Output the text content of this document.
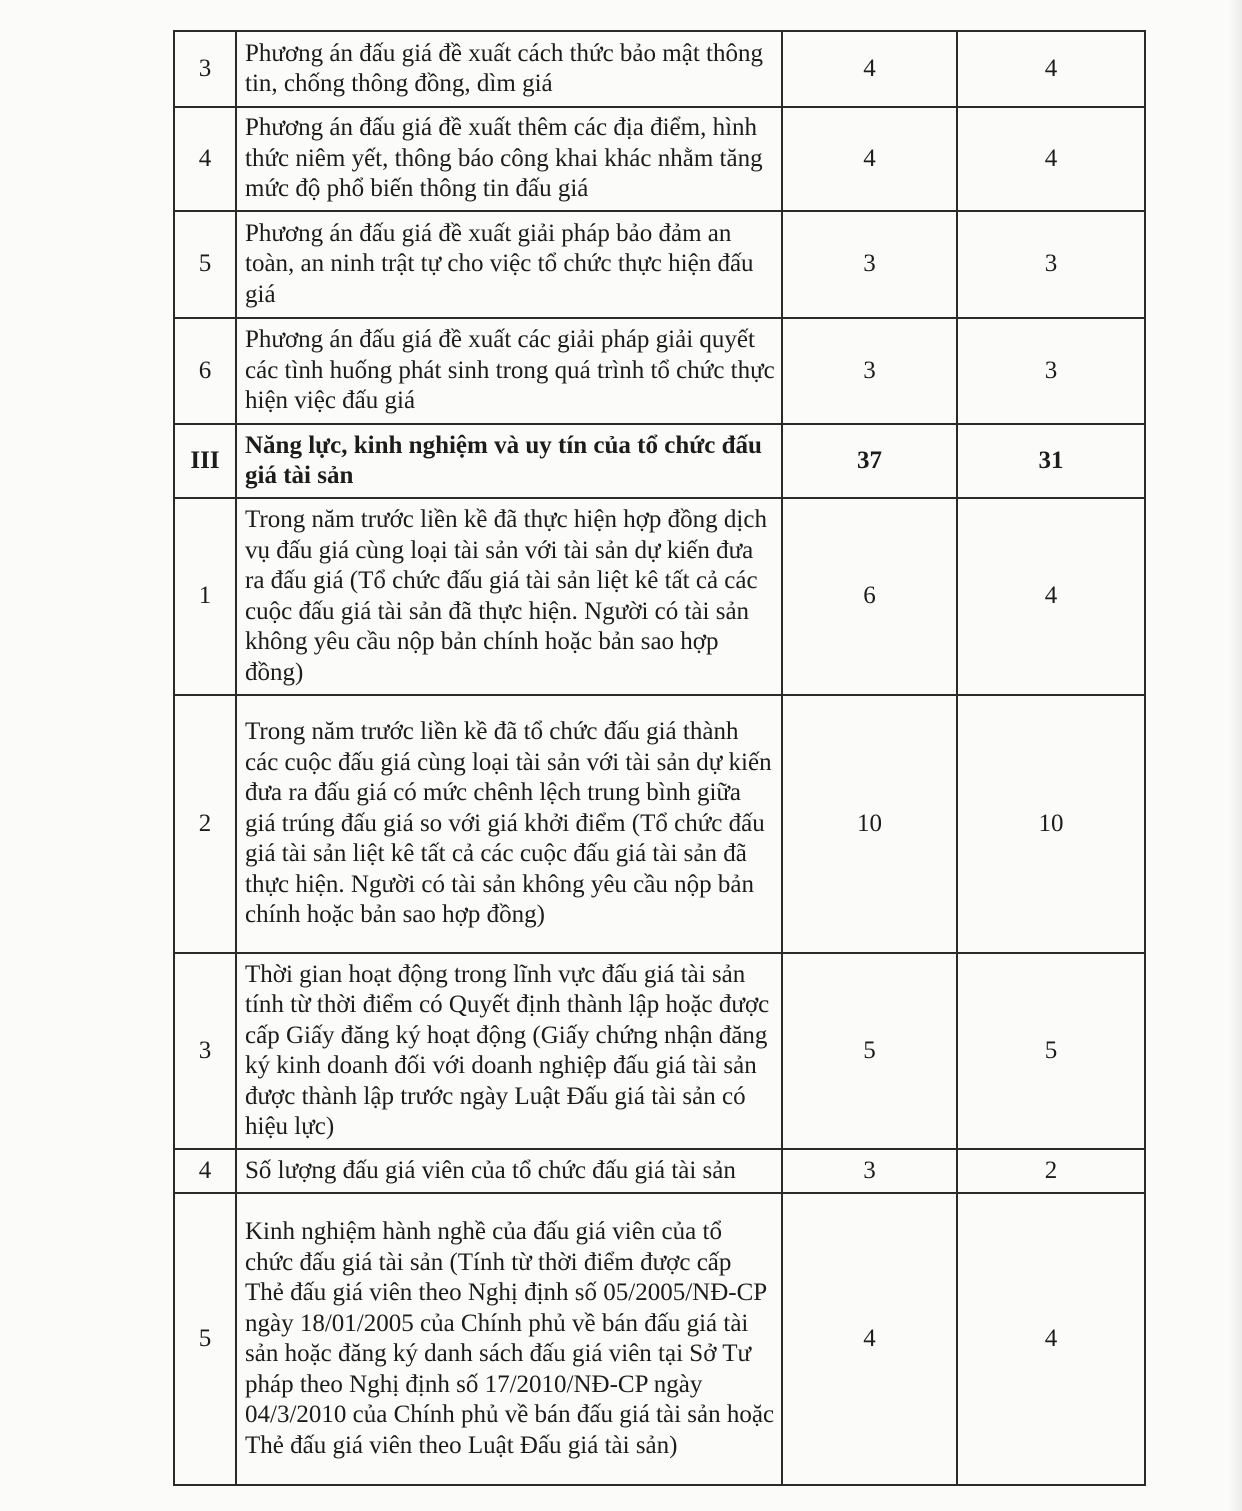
3	Phương án đấu giá đề xuất cách thức bảo mật thông tin, chống thông đồng, dìm giá	4	4
4	Phương án đấu giá đề xuất thêm các địa điểm, hình thức niêm yết, thông báo công khai khác nhằm tăng mức độ phổ biến thông tin đấu giá	4	4
5	Phương án đấu giá đề xuất giải pháp bảo đảm an toàn, an ninh trật tự cho việc tổ chức thực hiện đấu giá	3	3
6	Phương án đấu giá đề xuất các giải pháp giải quyết các tình huống phát sinh trong quá trình tổ chức thực hiện việc đấu giá	3	3
III	Năng lực, kinh nghiệm và uy tín của tổ chức đấu giá tài sản	37	31
1	Trong năm trước liền kề đã thực hiện hợp đồng dịch vụ đấu giá cùng loại tài sản với tài sản dự kiến đưa ra đấu giá (Tổ chức đấu giá tài sản liệt kê tất cả các cuộc đấu giá tài sản đã thực hiện. Người có tài sản không yêu cầu nộp bản chính hoặc bản sao hợp đồng)	6	4
2	Trong năm trước liền kề đã tổ chức đấu giá thành các cuộc đấu giá cùng loại tài sản với tài sản dự kiến đưa ra đấu giá có mức chênh lệch trung bình giữa giá trúng đấu giá so với giá khởi điểm (Tổ chức đấu giá tài sản liệt kê tất cả các cuộc đấu giá tài sản đã thực hiện. Người có tài sản không yêu cầu nộp bản chính hoặc bản sao hợp đồng)	10	10
3	Thời gian hoạt động trong lĩnh vực đấu giá tài sản tính từ thời điểm có Quyết định thành lập hoặc được cấp Giấy đăng ký hoạt động (Giấy chứng nhận đăng ký kinh doanh đối với doanh nghiệp đấu giá tài sản được thành lập trước ngày Luật Đấu giá tài sản có hiệu lực)	5	5
4	Số lượng đấu giá viên của tổ chức đấu giá tài sản	3	2
5	Kinh nghiệm hành nghề của đấu giá viên của tổ chức đấu giá tài sản (Tính từ thời điểm được cấp Thẻ đấu giá viên theo Nghị định số 05/2005/NĐ-CP ngày 18/01/2005 của Chính phủ về bán đấu giá tài sản hoặc đăng ký danh sách đấu giá viên tại Sở Tư pháp theo Nghị định số 17/2010/NĐ-CP ngày 04/3/2010 của Chính phủ về bán đấu giá tài sản hoặc Thẻ đấu giá viên theo Luật Đấu giá tài sản)	4	4
